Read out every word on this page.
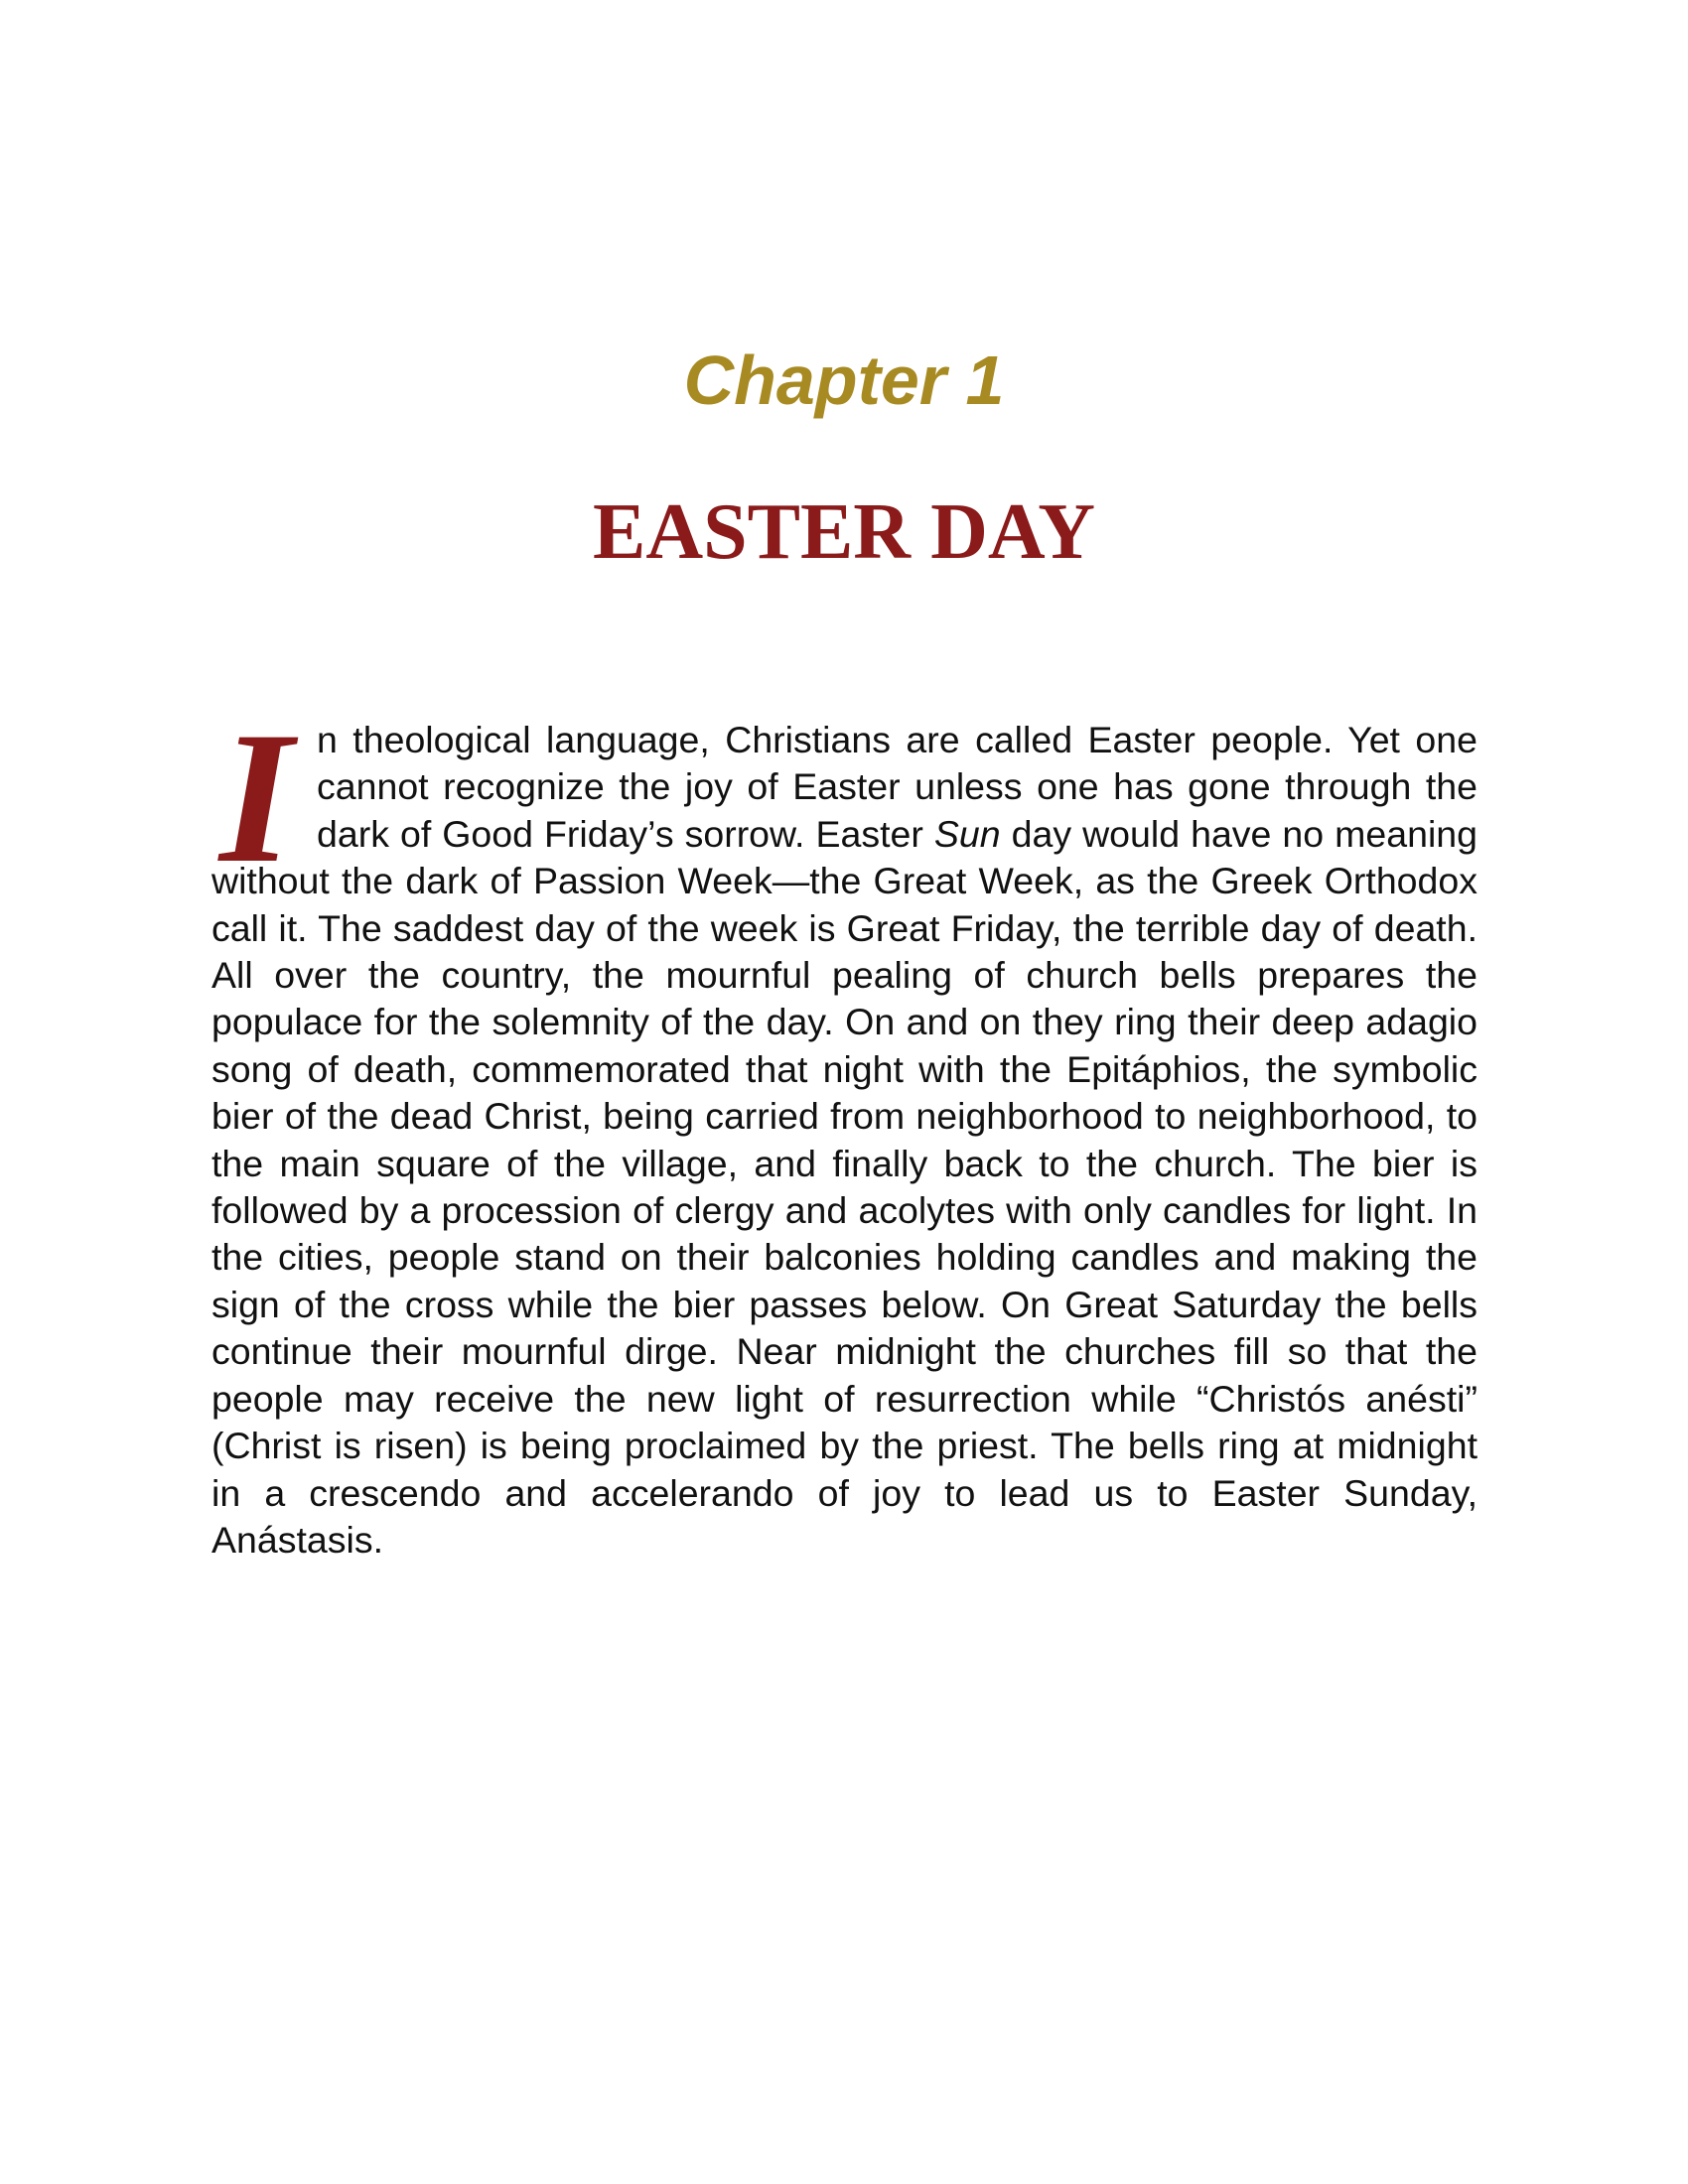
Chapter 1
EASTER DAY

I n theological language, Christians are called Easter people. Yet one cannot recognize the joy of Easter unless one has gone through the dark of Good Friday’s sorrow. Easter Sun day would have no meaning without the dark of Passion Week—the Great Week, as the Greek Orthodox call it. The saddest day of the week is Great Friday, the terrible day of death. All over the country, the mournful pealing of church bells prepares the populace for the solemnity of the day. On and on they ring their deep adagio song of death, commemorated that night with the Epitáphios, the symbolic bier of the dead Christ, being carried from neighborhood to neighborhood, to the main square of the village, and finally back to the church. The bier is followed by a procession of clergy and acolytes with only candles for light. In the cities, people stand on their balconies holding candles and making the sign of the cross while the bier passes below. On Great Saturday the bells continue their mournful dirge. Near midnight the churches fill so that the people may receive the new light of resurrection while “Christós anésti” (Christ is risen) is being proclaimed by the priest. The bells ring at midnight in a crescendo and accelerando of joy to lead us to Easter Sunday, Anástasis.
